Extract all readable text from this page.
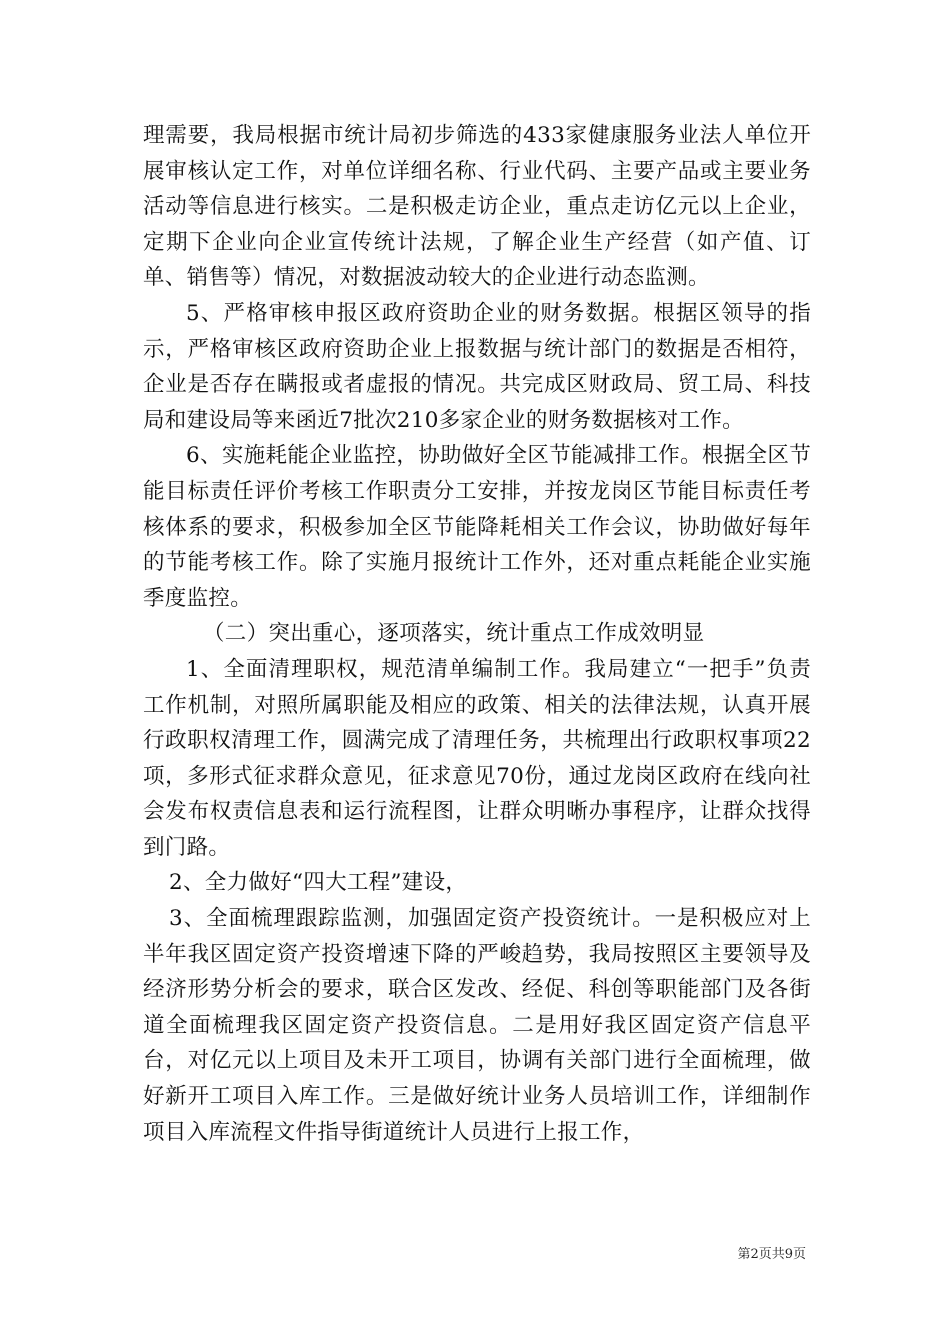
理需要，我局根据市统计局初步筛选的433家健康服务业法人单位开展审核认定工作，对单位详细名称、行业代码、主要产品或主要业务活动等信息进行核实。二是积极走访企业，重点走访亿元以上企业，定期下企业向企业宣传统计法规，了解企业生产经营（如产值、订单、销售等）情况，对数据波动较大的企业进行动态监测。

5、严格审核申报区政府资助企业的财务数据。根据区领导的指示，严格审核区政府资助企业上报数据与统计部门的数据是否相符，企业是否存在瞒报或者虚报的情况。共完成区财政局、贸工局、科技局和建设局等来函近7批次210多家企业的财务数据核对工作。

6、实施耗能企业监控，协助做好全区节能减排工作。根据全区节能目标责任评价考核工作职责分工安排，并按龙岗区节能目标责任考核体系的要求，积极参加全区节能降耗相关工作会议，协助做好每年的节能考核工作。除了实施月报统计工作外，还对重点耗能企业实施季度监控。

（二）突出重心，逐项落实，统计重点工作成效明显

1、全面清理职权，规范清单编制工作。我局建立“一把手”负责工作机制，对照所属职能及相应的政策、相关的法律法规，认真开展行政职权清理工作，圆满完成了清理任务，共梳理出行政职权事项22项，多形式征求群众意见，征求意见70份，通过龙岗区政府在线向社会发布权责信息表和运行流程图，让群众明晰办事程序，让群众找得到门路。

2、全力做好“四大工程”建设，

3、全面梳理跟踪监测，加强固定资产投资统计。一是积极应对上半年我区固定资产投资增速下降的严峻趋势，我局按照区主要领导及经济形势分析会的要求，联合区发改、经促、科创等职能部门及各街道全面梳理我区固定资产投资信息。二是用好我区固定资产信息平台，对亿元以上项目及未开工项目，协调有关部门进行全面梳理，做好新开工项目入库工作。三是做好统计业务人员培训工作，详细制作项目入库流程文件指导街道统计人员进行上报工作，

第2页共9页
